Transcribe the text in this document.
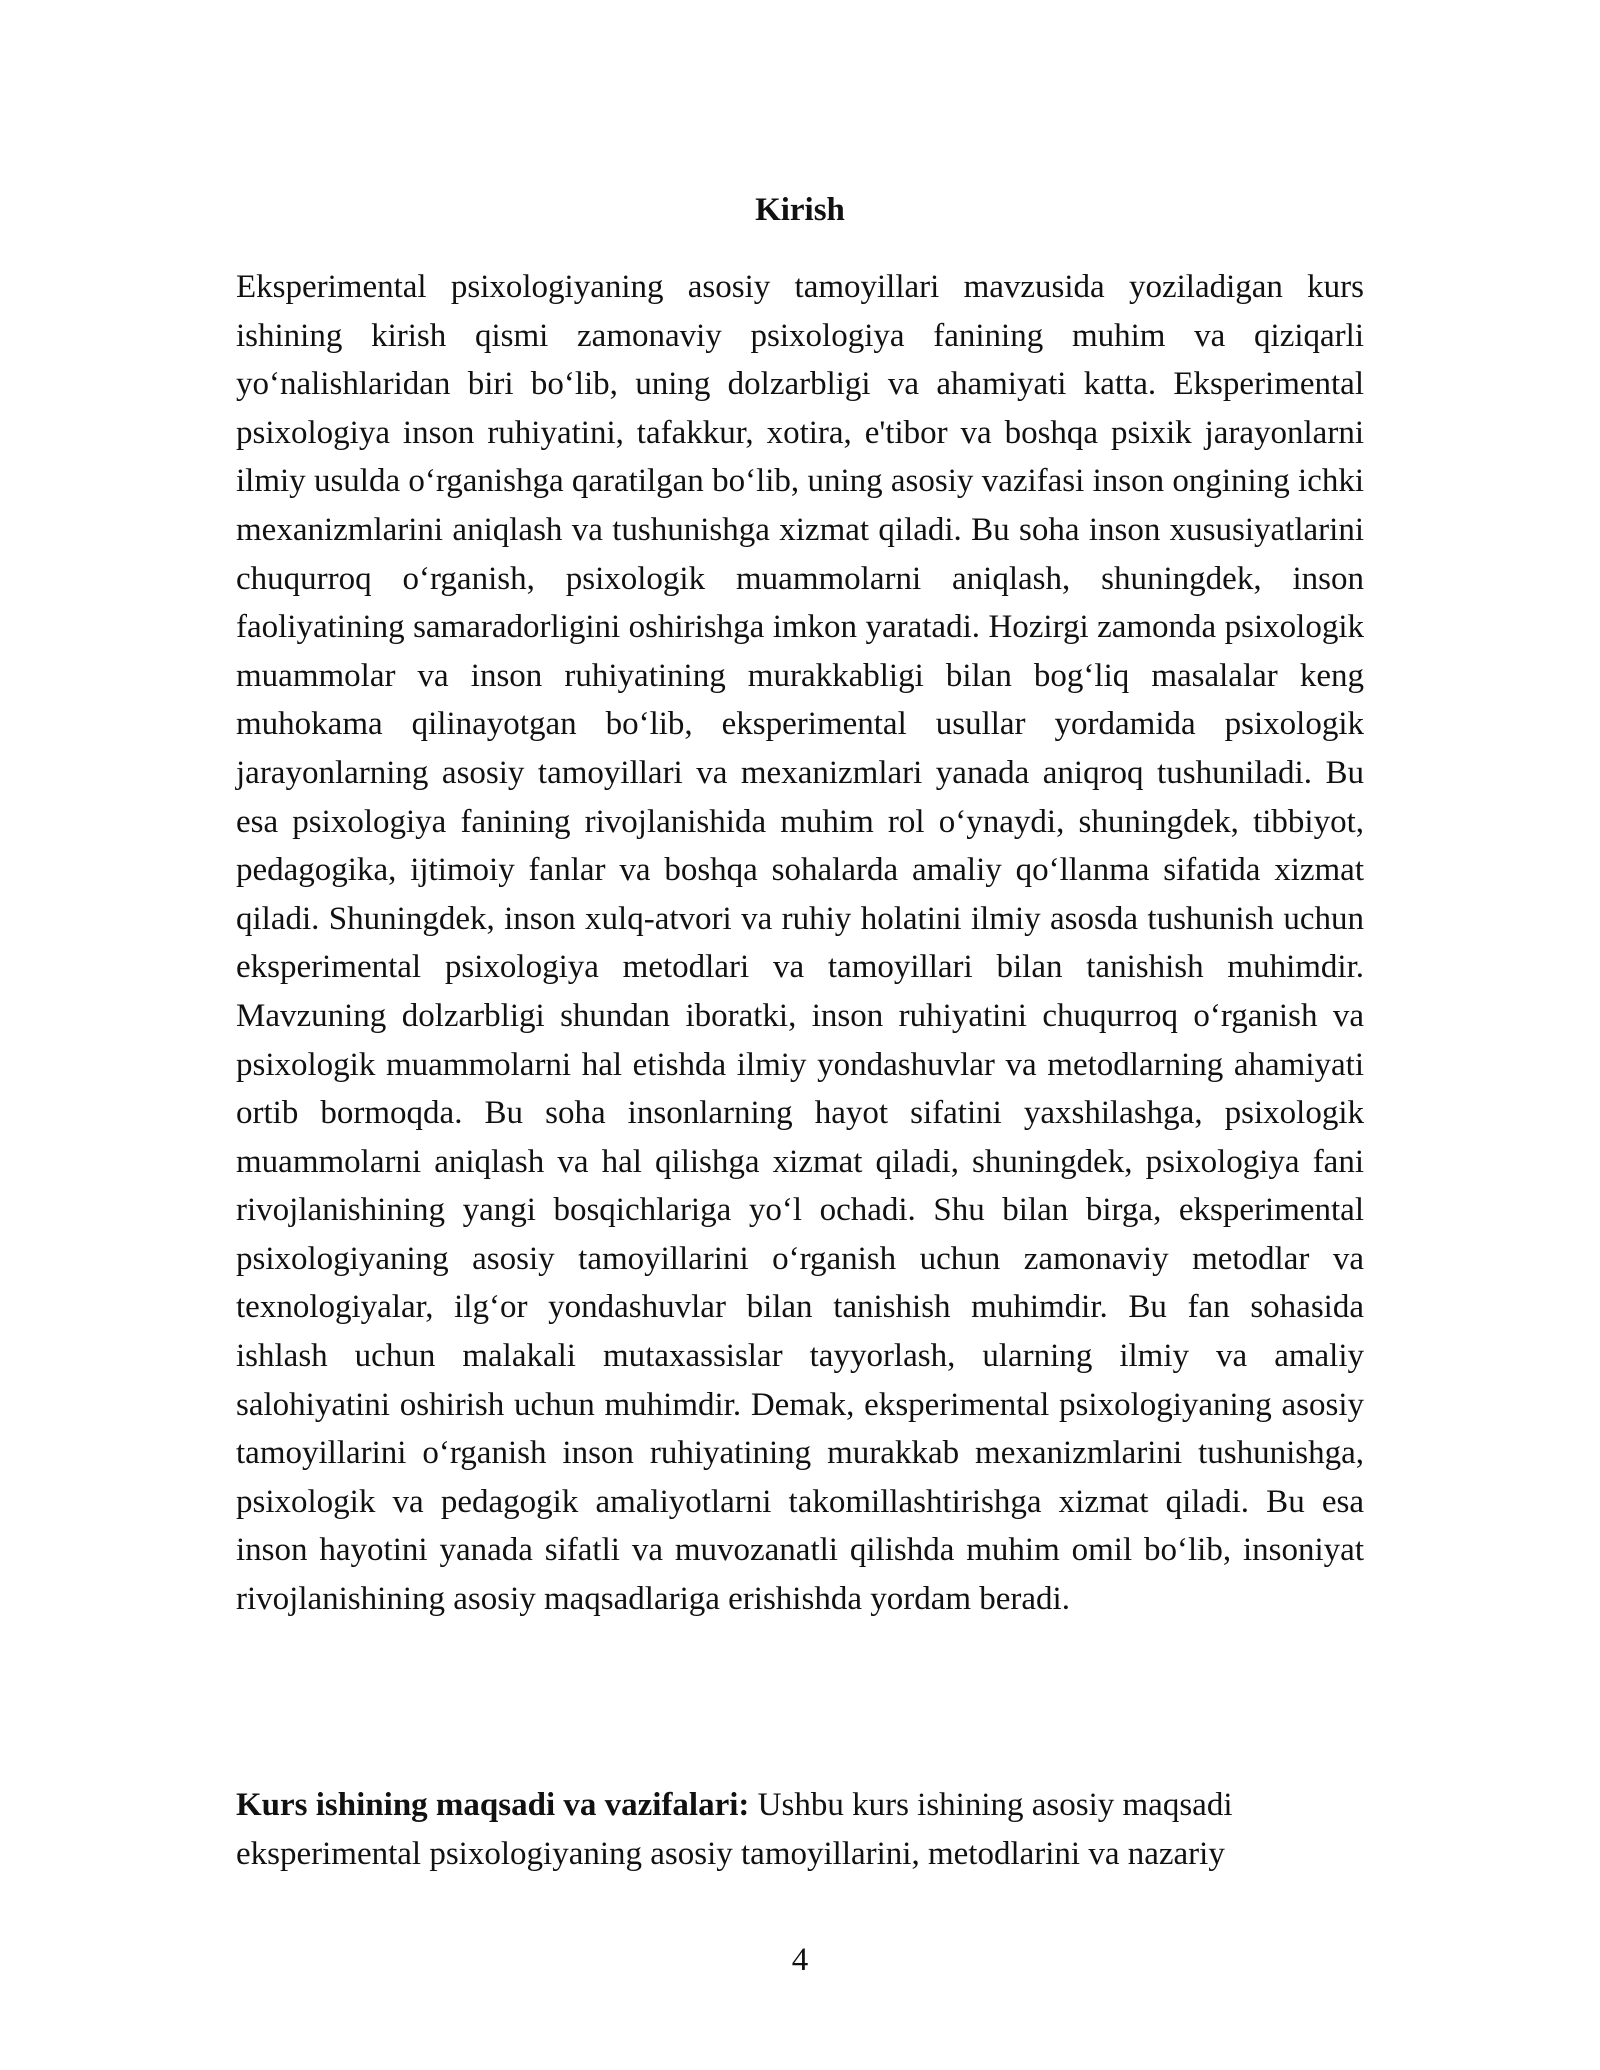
Kirish

Eksperimental psixologiyaning asosiy tamoyillari mavzusida yoziladigan kurs ishining kirish qismi zamonaviy psixologiya fanining muhim va qiziqarli yo‘nalishlaridan biri bo‘lib, uning dolzarbligi va ahamiyati katta. Eksperimental psixologiya inson ruhiyatini, tafakkur, xotira, e'tibor va boshqa psixik jarayonlarni ilmiy usulda o‘rganishga qaratilgan bo‘lib, uning asosiy vazifasi inson ongining ichki mexanizmlarini aniqlash va tushunishga xizmat qiladi. Bu soha inson xususiyatlarini chuqurroq o‘rganish, psixologik muammolarni aniqlash, shuningdek, inson faoliyatining samaradorligini oshirishga imkon yaratadi. Hozirgi zamonda psixologik muammolar va inson ruhiyatining murakkabligi bilan bog‘liq masalalar keng muhokama qilinayotgan bo‘lib, eksperimental usullar yordamida psixologik jarayonlarning asosiy tamoyillari va mexanizmlari yanada aniqroq tushuniladi. Bu esa psixologiya fanining rivojlanishida muhim rol o‘ynaydi, shuningdek, tibbiyot, pedagogika, ijtimoiy fanlar va boshqa sohalarda amaliy qo‘llanma sifatida xizmat qiladi. Shuningdek, inson xulq-atvori va ruhiy holatini ilmiy asosda tushunish uchun eksperimental psixologiya metodlari va tamoyillari bilan tanishish muhimdir. Mavzuning dolzarbligi shundan iboratki, inson ruhiyatini chuqurroq o‘rganish va psixologik muammolarni hal etishda ilmiy yondashuvlar va metodlarning ahamiyati ortib bormoqda. Bu soha insonlarning hayot sifatini yaxshilashga, psixologik muammolarni aniqlash va hal qilishga xizmat qiladi, shuningdek, psixologiya fani rivojlanishining yangi bosqichlariga yo‘l ochadi. Shu bilan birga, eksperimental psixologiyaning asosiy tamoyillarini o‘rganish uchun zamonaviy metodlar va texnologiyalar, ilg‘or yondashuvlar bilan tanishish muhimdir. Bu fan sohasida ishlash uchun malakali mutaxassislar tayyorlash, ularning ilmiy va amaliy salohiyatini oshirish uchun muhimdir. Demak, eksperimental psixologiyaning asosiy tamoyillarini o‘rganish inson ruhiyatining murakkab mexanizmlarini tushunishga, psixologik va pedagogik amaliyotlarni takomillashtirishga xizmat qiladi. Bu esa inson hayotini yanada sifatli va muvozanatli qilishda muhim omil bo‘lib, insoniyat rivojlanishining asosiy maqsadlariga erishishda yordam beradi.

Kurs ishining maqsadi va vazifalari: Ushbu kurs ishining asosiy maqsadi eksperimental psixologiyaning asosiy tamoyillarini, metodlarini va nazariy

4
